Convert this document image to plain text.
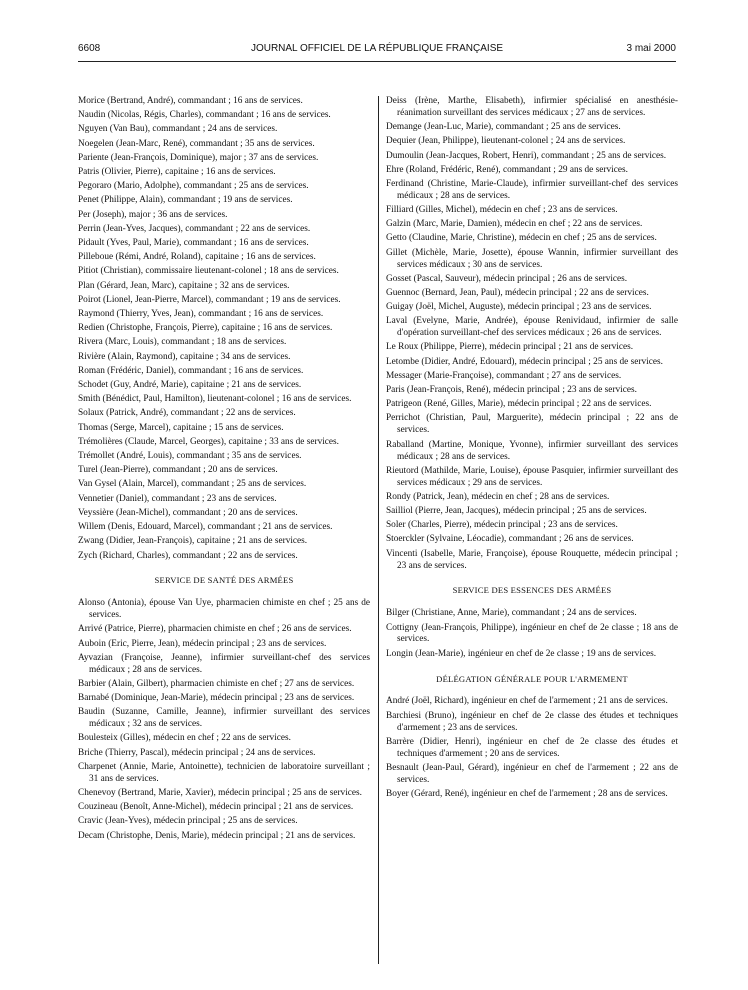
6608	JOURNAL OFFICIEL DE LA RÉPUBLIQUE FRANÇAISE	3 mai 2000

Morice (Bertrand, André), commandant ; 16 ans de services.

Naudin (Nicolas, Régis, Charles), commandant ; 16 ans de services.

Nguyen (Van Bau), commandant ; 24 ans de services.

Noegelen (Jean-Marc, René), commandant ; 35 ans de services.

Pariente (Jean-François, Dominique), major ; 37 ans de services.

Patris (Olivier, Pierre), capitaine ; 16 ans de services.

Pegoraro (Mario, Adolphe), commandant ; 25 ans de services.

Penet (Philippe, Alain), commandant ; 19 ans de services.

Per (Joseph), major ; 36 ans de services.

Perrin (Jean-Yves, Jacques), commandant ; 22 ans de services.

Pidault (Yves, Paul, Marie), commandant ; 16 ans de services.

Pilleboue (Rémi, André, Roland), capitaine ; 16 ans de services.

Pitiot (Christian), commissaire lieutenant-colonel ; 18 ans de services.

Plan (Gérard, Jean, Marc), capitaine ; 32 ans de services.

Poirot (Lionel, Jean-Pierre, Marcel), commandant ; 19 ans de services.

Raymond (Thierry, Yves, Jean), commandant ; 16 ans de services.

Redien (Christophe, François, Pierre), capitaine ; 16 ans de services.

Rivera (Marc, Louis), commandant ; 18 ans de services.

Rivière (Alain, Raymond), capitaine ; 34 ans de services.

Roman (Frédéric, Daniel), commandant ; 16 ans de services.

Schodet (Guy, André, Marie), capitaine ; 21 ans de services.

Smith (Bénédict, Paul, Hamilton), lieutenant-colonel ; 16 ans de services.

Solaux (Patrick, André), commandant ; 22 ans de services.

Thomas (Serge, Marcel), capitaine ; 15 ans de services.

Trémolières (Claude, Marcel, Georges), capitaine ; 33 ans de services.

Trémollet (André, Louis), commandant ; 35 ans de services.

Turel (Jean-Pierre), commandant ; 20 ans de services.

Van Gysel (Alain, Marcel), commandant ; 25 ans de services.

Vennetier (Daniel), commandant ; 23 ans de services.

Veyssière (Jean-Michel), commandant ; 20 ans de services.

Willem (Denis, Edouard, Marcel), commandant ; 21 ans de services.

Zwang (Didier, Jean-François), capitaine ; 21 ans de services.

Zych (Richard, Charles), commandant ; 22 ans de services.

SERVICE DE SANTÉ DES ARMÉES

Alonso (Antonia), épouse Van Uye, pharmacien chimiste en chef ; 25 ans de services.

Arrivé (Patrice, Pierre), pharmacien chimiste en chef ; 26 ans de services.

Auboin (Eric, Pierre, Jean), médecin principal ; 23 ans de services.

Ayvazian (Françoise, Jeanne), infirmier surveillant-chef des services médicaux ; 28 ans de services.

Barbier (Alain, Gilbert), pharmacien chimiste en chef ; 27 ans de services.

Barnabé (Dominique, Jean-Marie), médecin principal ; 23 ans de services.

Baudin (Suzanne, Camille, Jeanne), infirmier surveillant des services médicaux ; 32 ans de services.

Boulesteix (Gilles), médecin en chef ; 22 ans de services.

Briche (Thierry, Pascal), médecin principal ; 24 ans de services.

Charpenet (Annie, Marie, Antoinette), technicien de laboratoire surveillant ; 31 ans de services.

Chenevoy (Bertrand, Marie, Xavier), médecin principal ; 25 ans de services.

Couzineau (Benoît, Anne-Michel), médecin principal ; 21 ans de services.

Cravic (Jean-Yves), médecin principal ; 25 ans de services.

Decam (Christophe, Denis, Marie), médecin principal ; 21 ans de services.

Deiss (Irène, Marthe, Elisabeth), infirmier spécialisé en anesthésie-réanimation surveillant des services médicaux ; 27 ans de services.

Demange (Jean-Luc, Marie), commandant ; 25 ans de services.

Dequier (Jean, Philippe), lieutenant-colonel ; 24 ans de services.

Dumoulin (Jean-Jacques, Robert, Henri), commandant ; 25 ans de services.

Ehre (Roland, Frédéric, René), commandant ; 29 ans de services.

Ferdinand (Christine, Marie-Claude), infirmier surveillant-chef des services médicaux ; 28 ans de services.

Filliard (Gilles, Michel), médecin en chef ; 23 ans de services.

Galzin (Marc, Marie, Damien), médecin en chef ; 22 ans de services.

Getto (Claudine, Marie, Christine), médecin en chef ; 25 ans de services.

Gillet (Michèle, Marie, Josette), épouse Wannin, infirmier surveillant des services médicaux ; 30 ans de services.

Gosset (Pascal, Sauveur), médecin principal ; 26 ans de services.

Guennoc (Bernard, Jean, Paul), médecin principal ; 22 ans de services.

Guigay (Joël, Michel, Auguste), médecin principal ; 23 ans de services.

Laval (Evelyne, Marie, Andrée), épouse Renividaud, infirmier de salle d'opération surveillant-chef des services médicaux ; 26 ans de services.

Le Roux (Philippe, Pierre), médecin principal ; 21 ans de services.

Letombe (Didier, André, Edouard), médecin principal ; 25 ans de services.

Messager (Marie-Françoise), commandant ; 27 ans de services.

Paris (Jean-François, René), médecin principal ; 23 ans de services.

Patrigeon (René, Gilles, Marie), médecin principal ; 22 ans de services.

Perrichot (Christian, Paul, Marguerite), médecin principal ; 22 ans de services.

Raballand (Martine, Monique, Yvonne), infirmier surveillant des services médicaux ; 28 ans de services.

Rieutord (Mathilde, Marie, Louise), épouse Pasquier, infirmier surveillant des services médicaux ; 29 ans de services.

Rondy (Patrick, Jean), médecin en chef ; 28 ans de services.

Sailliol (Pierre, Jean, Jacques), médecin principal ; 25 ans de services.

Soler (Charles, Pierre), médecin principal ; 23 ans de services.

Stoerckler (Sylvaine, Léocadie), commandant ; 26 ans de services.

Vincenti (Isabelle, Marie, Françoise), épouse Rouquette, médecin principal ; 23 ans de services.

SERVICE DES ESSENCES DES ARMÉES

Bilger (Christiane, Anne, Marie), commandant ; 24 ans de services.

Cottigny (Jean-François, Philippe), ingénieur en chef de 2e classe ; 18 ans de services.

Longin (Jean-Marie), ingénieur en chef de 2e classe ; 19 ans de services.

DÉLÉGATION GÉNÉRALE POUR L'ARMEMENT

André (Joël, Richard), ingénieur en chef de l'armement ; 21 ans de services.

Barchiesi (Bruno), ingénieur en chef de 2e classe des études et techniques d'armement ; 23 ans de services.

Barrère (Didier, Henri), ingénieur en chef de 2e classe des études et techniques d'armement ; 20 ans de services.

Besnault (Jean-Paul, Gérard), ingénieur en chef de l'armement ; 22 ans de services.

Boyer (Gérard, René), ingénieur en chef de l'armement ; 28 ans de services.
